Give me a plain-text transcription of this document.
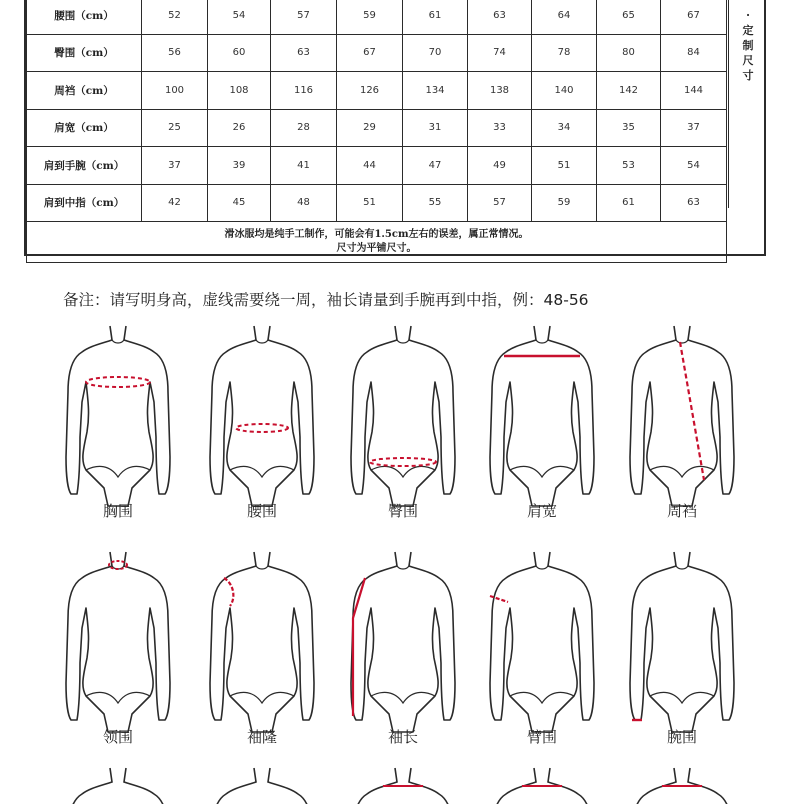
腰围（cm）	52	54	57	59	61	63	64	65	67
臀围（cm）	56	60	63	67	70	74	78	80	84
周裆（cm）	100	108	116	126	134	138	140	142	144
肩宽（cm）	25	26	28	29	31	33	34	35	37
肩到手腕（cm）	37	39	41	44	47	49	51	53	54
肩到中指（cm）	42	45	48	51	55	57	59	61	63

滑冰服均是纯手工制作，可能会有1.5cm左右的误差，属正常情况。
尺寸为平铺尺寸。									
·定制尺寸
备注：请写明身高，虚线需要绕一周，袖长请量到手腕再到中指，例：48-56
胸围	腰围	臀围	肩宽	周裆
领围	袖隆	袖长	臂围	腕围
